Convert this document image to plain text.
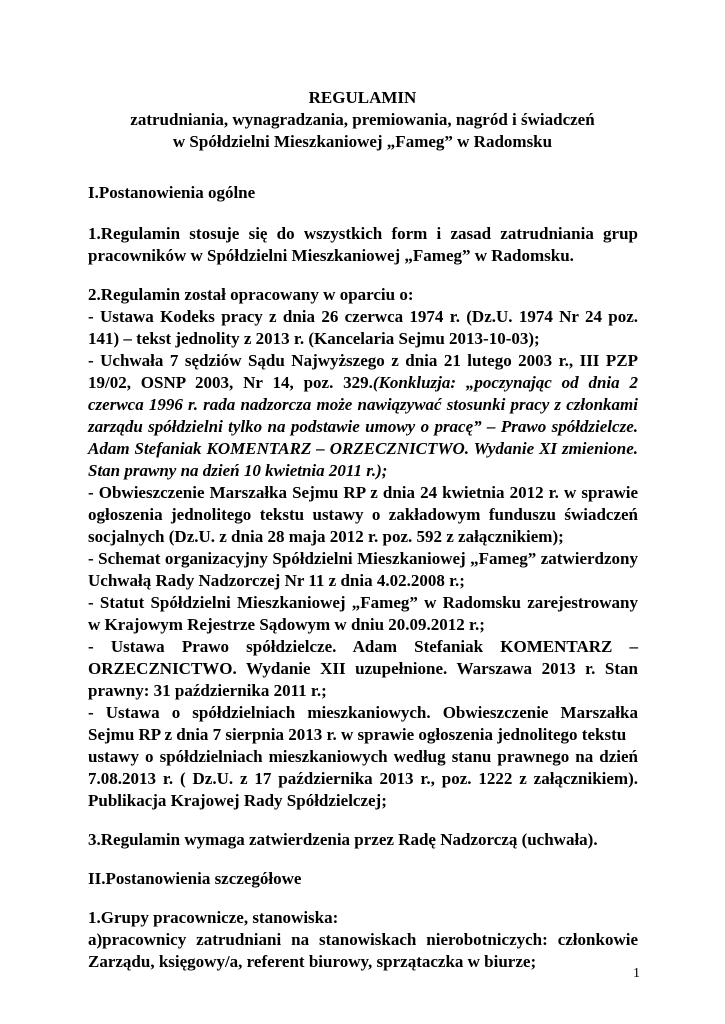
REGULAMIN
zatrudniania, wynagradzania, premiowania, nagród i świadczeń
w Spółdzielni Mieszkaniowej „Fameg” w Radomsku
I.Postanowienia ogólne
1.Regulamin stosuje się do wszystkich form i zasad zatrudniania grup
pracowników w Spółdzielni Mieszkaniowej „Fameg” w Radomsku.
2.Regulamin został opracowany w oparciu o:
- Ustawa Kodeks pracy z dnia 26 czerwca 1974 r. (Dz.U. 1974 Nr 24 poz.
141) – tekst jednolity z 2013 r. (Kancelaria Sejmu 2013-10-03);
- Uchwała 7 sędziów Sądu Najwyższego z dnia 21 lutego 2003 r., III PZP
19/02, OSNP 2003, Nr 14, poz. 329.(Konkluzja: „poczynając od dnia 2
czerwca 1996 r. rada nadzorcza może nawiązywać stosunki pracy z członkami
zarządu spółdzielni tylko na podstawie umowy o pracę” – Prawo spółdzielcze.
Adam Stefaniak KOMENTARZ – ORZECZNICTWO. Wydanie XI zmienione.
Stan prawny na dzień 10 kwietnia 2011 r.);
- Obwieszczenie Marszałka Sejmu RP z dnia 24 kwietnia 2012 r. w sprawie
ogłoszenia jednolitego tekstu ustawy o zakładowym funduszu świadczeń
socjalnych (Dz.U. z dnia 28 maja 2012 r. poz. 592 z załącznikiem);
- Schemat organizacyjny Spółdzielni Mieszkaniowej „Fameg” zatwierdzony
Uchwałą Rady Nadzorczej Nr 11 z dnia 4.02.2008 r.;
- Statut Spółdzielni Mieszkaniowej „Fameg” w Radomsku zarejestrowany
w Krajowym Rejestrze Sądowym w dniu 20.09.2012 r.;
- Ustawa Prawo spółdzielcze. Adam Stefaniak KOMENTARZ –
ORZECZNICTWO. Wydanie XII uzupełnione. Warszawa 2013 r. Stan
prawny: 31 października 2011 r.;
- Ustawa o spółdzielniach mieszkaniowych. Obwieszczenie Marszałka
Sejmu RP z dnia 7 sierpnia 2013 r. w sprawie ogłoszenia jednolitego tekstu
ustawy o spółdzielniach mieszkaniowych według stanu prawnego na dzień
7.08.2013 r. ( Dz.U. z 17 października 2013 r., poz. 1222 z załącznikiem).
Publikacja Krajowej Rady Spółdzielczej;
3.Regulamin wymaga zatwierdzenia przez Radę Nadzorczą (uchwała).
II.Postanowienia szczegółowe
1.Grupy pracownicze, stanowiska:
a)pracownicy zatrudniani na stanowiskach nierobotniczych: członkowie
Zarządu, księgowy/a, referent biurowy, sprzątaczka w biurze;
1
